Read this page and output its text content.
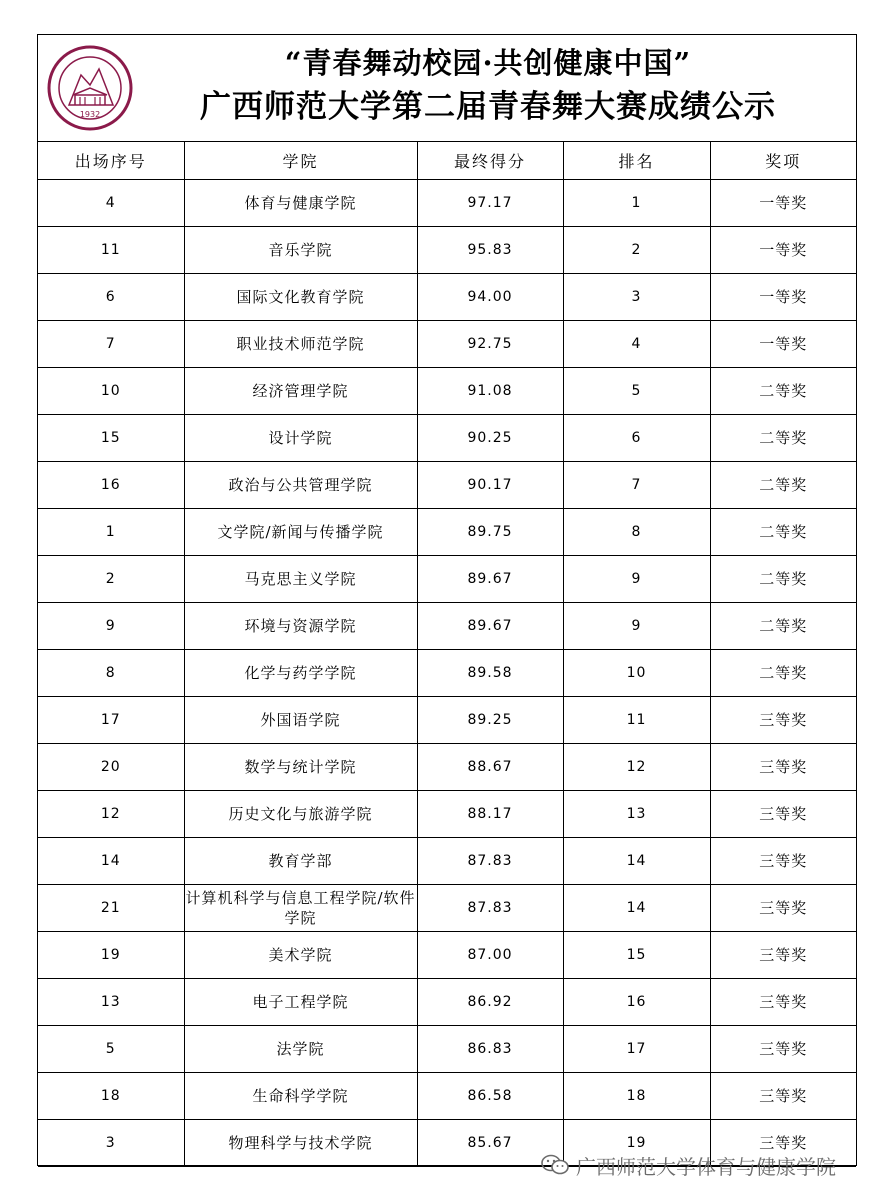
1932
“青春舞动校园·共创健康中国”
广西师范大学第二届青春舞大赛成绩公示
出场序号	学院	最终得分	排名	奖项
4	体育与健康学院	97.17	1	一等奖
11	音乐学院	95.83	2	一等奖
6	国际文化教育学院	94.00	3	一等奖
7	职业技术师范学院	92.75	4	一等奖
10	经济管理学院	91.08	5	二等奖
15	设计学院	90.25	6	二等奖
16	政治与公共管理学院	90.17	7	二等奖
1	文学院/新闻与传播学院	89.75	8	二等奖
2	马克思主义学院	89.67	9	二等奖
9	环境与资源学院	89.67	9	二等奖
8	化学与药学学院	89.58	10	二等奖
17	外国语学院	89.25	11	三等奖
20	数学与统计学院	88.67	12	三等奖
12	历史文化与旅游学院	88.17	13	三等奖
14	教育学部	87.83	14	三等奖
21	计算机科学与信息工程学院/软件学院	87.83	14	三等奖
19	美术学院	87.00	15	三等奖
13	电子工程学院	86.92	16	三等奖
5	法学院	86.83	17	三等奖
18	生命科学学院	86.58	18	三等奖
3	物理科学与技术学院	85.67	19	三等奖
广西师范大学体育与健康学院
